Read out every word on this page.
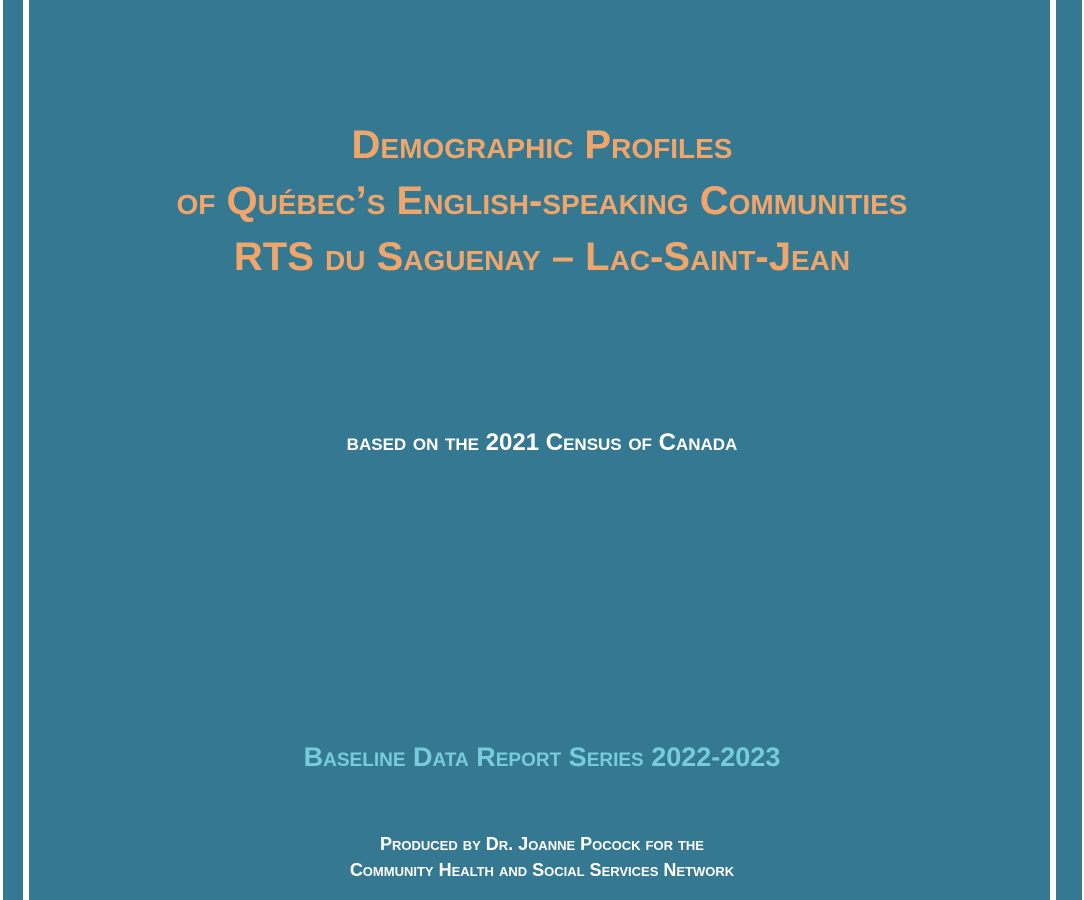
Demographic Profiles
of Québec’s English-speaking Communities
RTS du Saguenay – Lac-Saint-Jean
based on the 2021 Census of Canada
Baseline Data Report Series 2022-2023
Produced by Dr. Joanne Pocock for the
Community Health and Social Services Network
